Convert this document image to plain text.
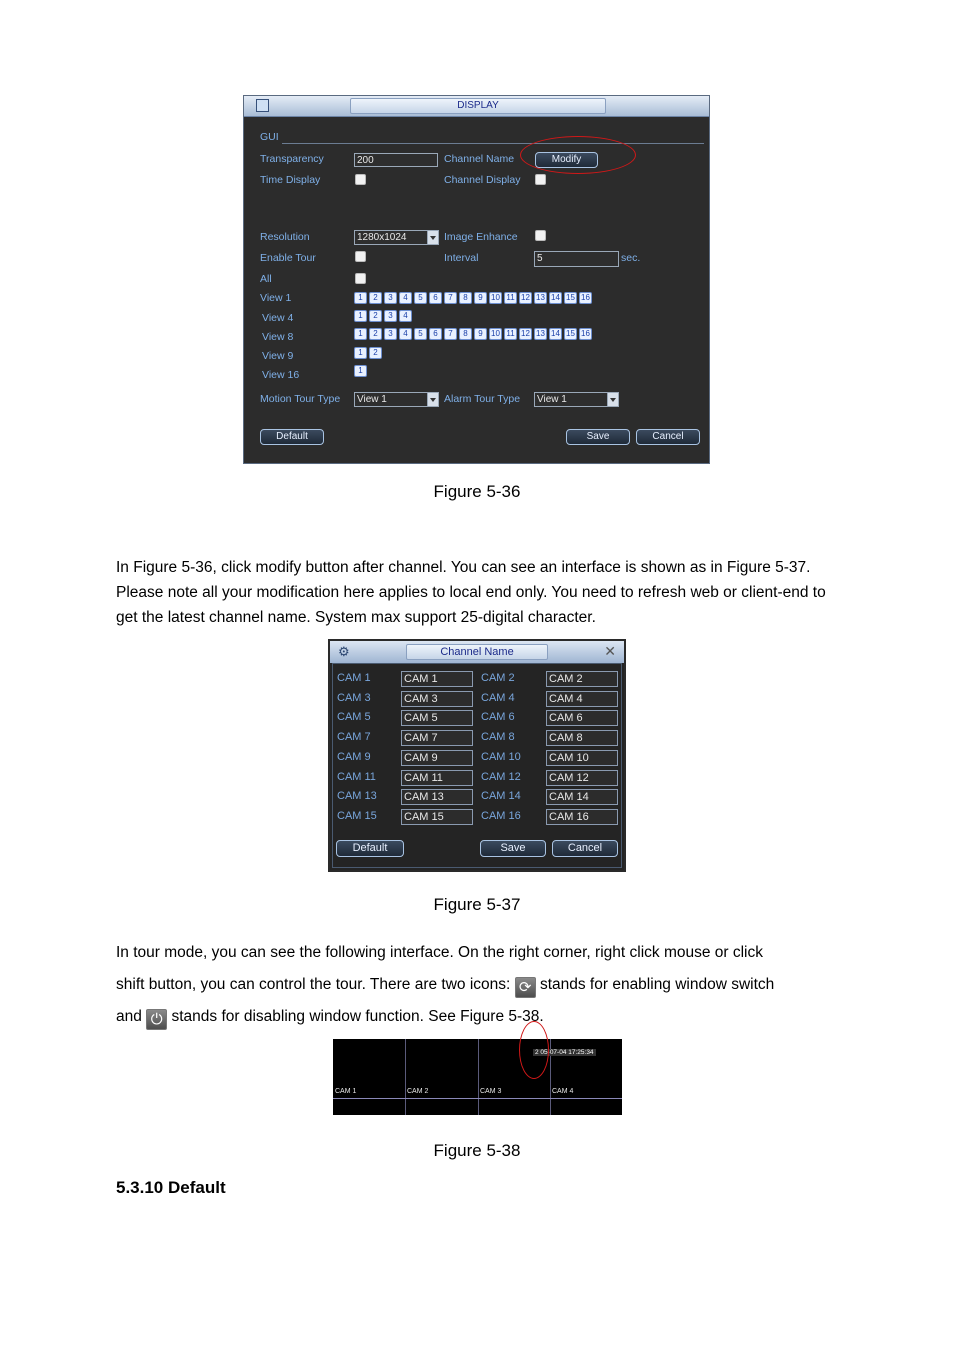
DISPLAY
GUI
Transparency	200	Channel Name	Modify
Time Display	Channel Display
Resolution	1280x1024	Image Enhance
Enable Tour	Interval	5	sec.
All
View 1	1	2	3	4	5	6	7	8	9	10 11 12 13 14 15 16
View 4	1	2	3	4
View 8	1	2	3	4	5	6	7	8	9	10 11 12 13 14 15 16
View 9	1	2
View 16	1
Motion Tour Type	View 1	Alarm Tour Type	View 1
Default	Save	Cancel
Figure 5-36
In Figure 5-36, click modify button after channel. You can see an interface is shown as in Figure 5-37. Please note all your modification here applies to local end only. You need to refresh web or client-end to get the latest channel name. System max support 25-digital character.
⚙	Channel Name	✕
CAM 1	CAM 1	CAM 2	CAM 2
CAM 3	CAM 3	CAM 4	CAM 4
CAM 5	CAM 5	CAM 6	CAM 6
CAM 7	CAM 7	CAM 8	CAM 8
CAM 9	CAM 9	CAM 10	CAM 10
CAM 11	CAM 11	CAM 12	CAM 12
CAM 13 CAM 13	CAM 14	CAM 14
CAM 15 CAM 15	CAM 16	CAM 16
Default	Save	Cancel
Figure 5-37
In tour mode, you can see the following interface. On the right corner, right click mouse or click
shift button, you can control the tour. There are two icons: ⟳ stands for enabling window switch
and ⏻ stands for disabling window function. See Figure 5-38.
CAM 1	CAM 2	CAM 3	CAM 4
2 05-07-04 17:25:34
Figure 5-38
5.3.10 Default
